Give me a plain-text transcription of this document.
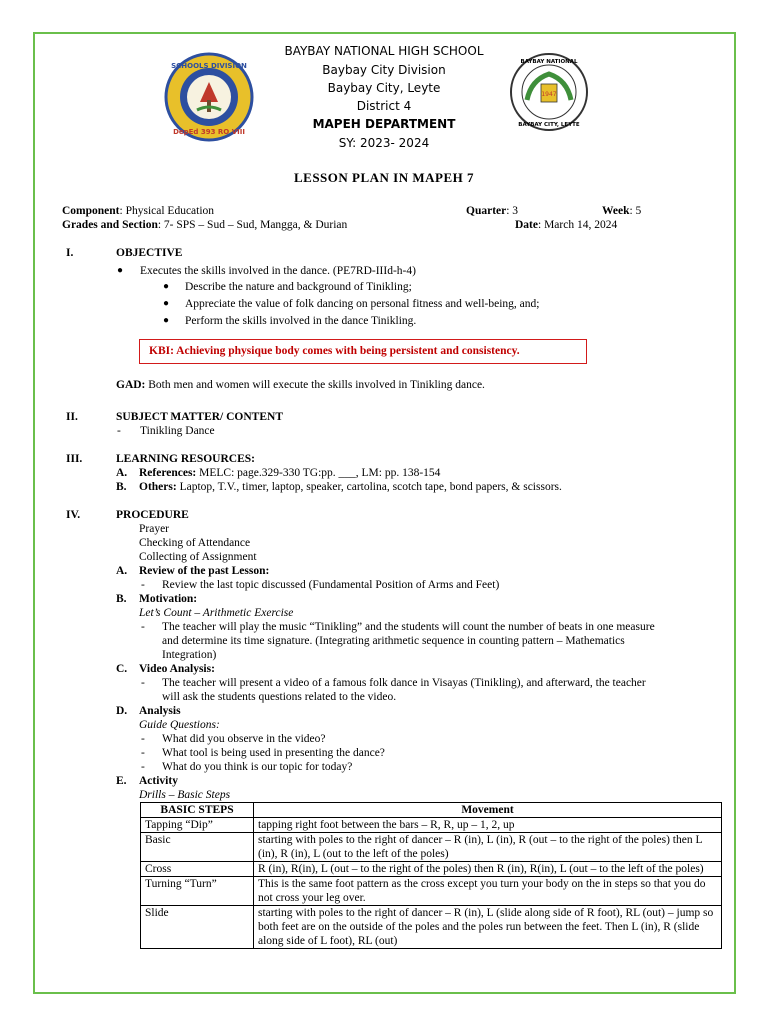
SCHOOLS DIVISION
DepEd 393 RO VIII
1947
BAYBAY NATIONAL
BAYBAY CITY, LEYTE
BAYBAY NATIONAL HIGH SCHOOL
Baybay City Division
Baybay City, Leyte
District 4
MAPEH DEPARTMENT
SY: 2023- 2024
LESSON PLAN IN MAPEH 7
Component: Physical Education
Grades and Section: 7- SPS – Sud – Sud, Mangga, & Durian
Quarter: 3	Week: 5
Date: March 14, 2024
I.	OBJECTIVE
● Executes the skills involved in the dance. (PE7RD-IIId-h-4)
● Describe the nature and background of Tinikling;
● Appreciate the value of folk dancing on personal fitness and well-being, and;
● Perform the skills involved in the dance Tinikling.
KBI: Achieving physique body comes with being persistent and consistency.
GAD: Both men and women will execute the skills involved in Tinikling dance.
II.	SUBJECT MATTER/ CONTENT
- Tinikling Dance
III.	LEARNING RESOURCES:
A. References: MELC: page.329-330 TG:pp. ___, LM: pp. 138-154
B. Others: Laptop, T.V., timer, laptop, speaker, cartolina, scotch tape, bond papers, & scissors.
IV.	PROCEDURE
Prayer
Checking of Attendance
Collecting of Assignment
A. Review of the past Lesson:
- Review the last topic discussed (Fundamental Position of Arms and Feet)
B. Motivation:
Let’s Count – Arithmetic Exercise
- The teacher will play the music “Tinikling” and the students will count the number of beats in one measure
and determine its time signature. (Integrating arithmetic sequence in counting pattern – Mathematics
Integration)
C. Video Analysis:
- The teacher will present a video of a famous folk dance in Visayas (Tinikling), and afterward, the teacher
will ask the students questions related to the video.
D. Analysis
Guide Questions:
- What did you observe in the video?
- What tool is being used in presenting the dance?
- What do you think is our topic for today?
E. Activity
Drills – Basic Steps
BASIC STEPS	Movement
Tapping “Dip”	tapping right foot between the bars – R, R, up – 1, 2, up
Basic	starting with poles to the right of dancer – R (in), L (in), R (out – to the right of the poles) then L (in), R (in), L (out to the left of the poles)
Cross	R (in), R(in), L (out – to the right of the poles) then R (in), R(in), L (out – to the left of the poles)
Turning “Turn”	This is the same foot pattern as the cross except you turn your body on the in steps so that you do not cross your leg over.
Slide	starting with poles to the right of dancer – R (in), L (slide along side of R foot), RL (out) – jump so both feet are on the outside of the poles and the poles run between the feet. Then L (in), R (slide along side of L foot), RL (out)
